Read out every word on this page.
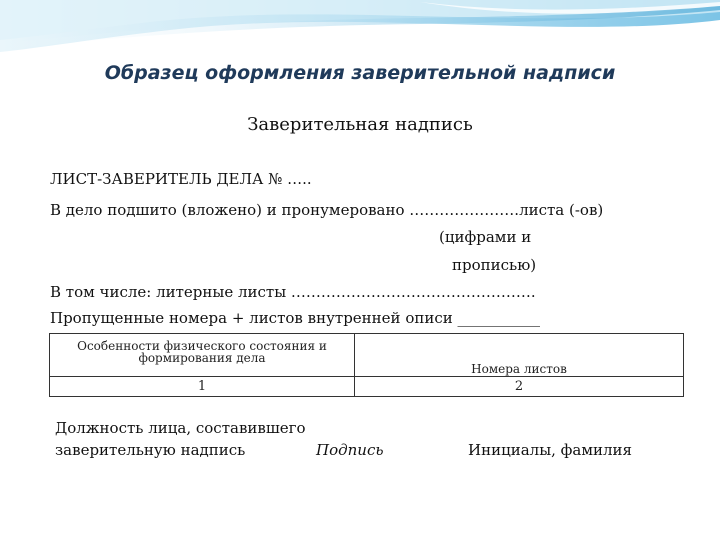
Образец оформления заверительной надписи
Заверительная надпись
ЛИСТ-ЗАВЕРИТЕЛЬ ДЕЛА № …..
В дело подшито (вложено) и пронумеровано ………………….листа (-ов)
(цифрами и
прописью)
В том числе: литерные листы ………………………………………….
Пропущенные номера + листов внутренней описи ___________
Особенности физического состояния и формирования дела	Номера листов
1	2
Должность лица, составившего
заверительную надпись	Подпись	Инициалы, фамилия
